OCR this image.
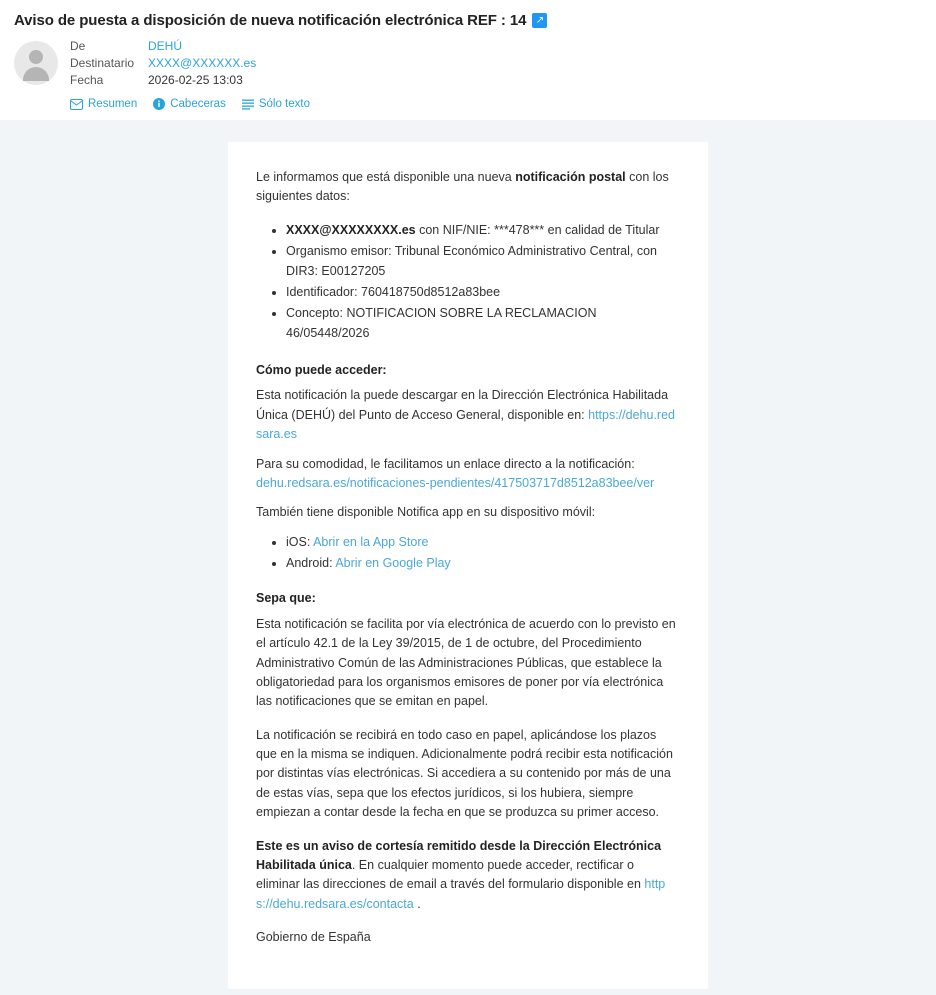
Aviso de puesta a disposición de nueva notificación electrónica REF : 14 ↗
De	DEHÚ
Destinatario	XXXX@XXXXXX.es
Fecha	2026-02-25 13:03
Resumen	Cabeceras	Sólo texto

Le informamos que está disponible una nueva notificación postal con los siguientes datos:

• XXXX@XXXXXXXX.es con NIF/NIE: ***478*** en calidad de Titular
• Organismo emisor: Tribunal Económico Administrativo Central, con DIR3: E00127205
• Identificador: 760418750d8512a83bee
• Concepto: NOTIFICACION SOBRE LA RECLAMACION 46/05448/2026
Cómo puede acceder:

Esta notificación la puede descargar en la Dirección Electrónica Habilitada Única (DEHÚ) del Punto de Acceso General, disponible en: https://dehu.redsara.es

Para su comodidad, le facilitamos un enlace directo a la notificación:
dehu.redsara.es/notificaciones-pendientes/417503717d8512a83bee/ver

También tiene disponible Notifica app en su dispositivo móvil:

• iOS: Abrir en la App Store
• Android: Abrir en Google Play
Sepa que:

Esta notificación se facilita por vía electrónica de acuerdo con lo previsto en el artículo 42.1 de la Ley 39/2015, de 1 de octubre, del Procedimiento Administrativo Común de las Administraciones Públicas, que establece la obligatoriedad para los organismos emisores de poner por vía electrónica las notificaciones que se emitan en papel.

La notificación se recibirá en todo caso en papel, aplicándose los plazos que en la misma se indiquen. Adicionalmente podrá recibir esta notificación por distintas vías electrónicas. Si accediera a su contenido por más de una de estas vías, sepa que los efectos jurídicos, si los hubiera, siempre empiezan a contar desde la fecha en que se produzca su primer acceso.

Este es un aviso de cortesía remitido desde la Dirección Electrónica Habilitada única. En cualquier momento puede acceder, rectificar o eliminar las direcciones de email a través del formulario disponible en https://dehu.redsara.es/contacta .

Gobierno de España
